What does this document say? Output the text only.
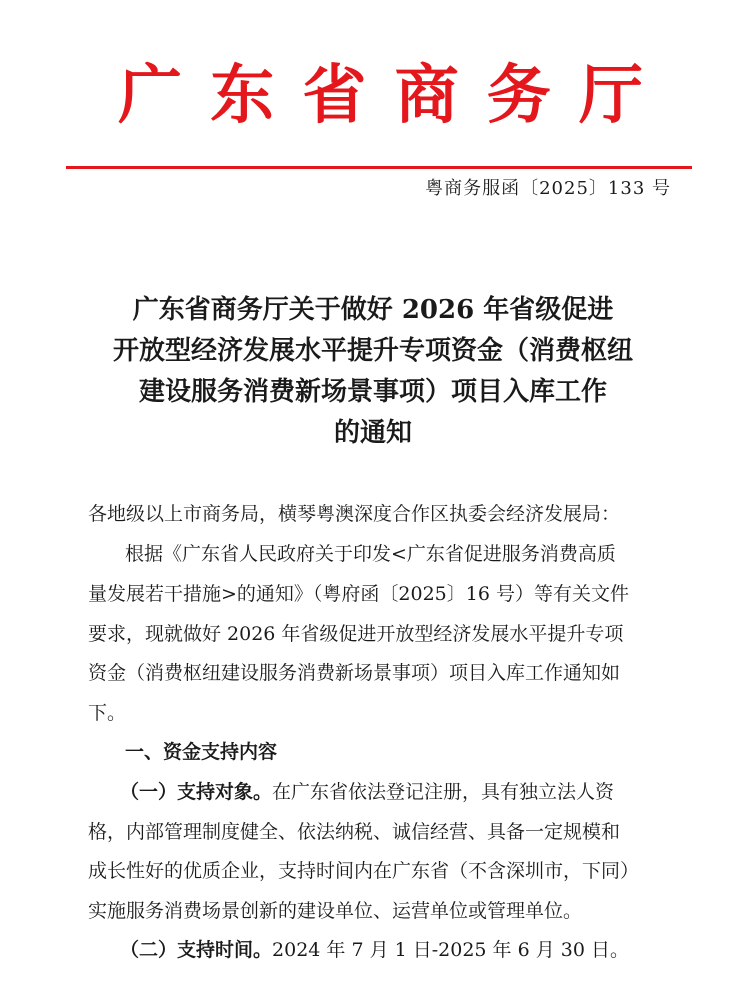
广 东 省 商 务 厅
粤商务服函〔2025〕133 号
广东省商务厅关于做好 2026 年省级促进
开放型经济发展水平提升专项资金（消费枢纽
建设服务消费新场景事项）项目入库工作
的通知
各地级以上市商务局，横琴粤澳深度合作区执委会经济发展局：
根据《广东省人民政府关于印发<广东省促进服务消费高质
量发展若干措施>的通知》（粤府函〔2025〕16 号）等有关文件
要求，现就做好 2026 年省级促进开放型经济发展水平提升专项
资金（消费枢纽建设服务消费新场景事项）项目入库工作通知如
下。
一、资金支持内容
（一）支持对象。在广东省依法登记注册，具有独立法人资
格，内部管理制度健全、依法纳税、诚信经营、具备一定规模和
成长性好的优质企业，支持时间内在广东省（不含深圳市，下同）
实施服务消费场景创新的建设单位、运营单位或管理单位。
（二）支持时间。2024 年 7 月 1 日-2025 年 6 月 30 日。
